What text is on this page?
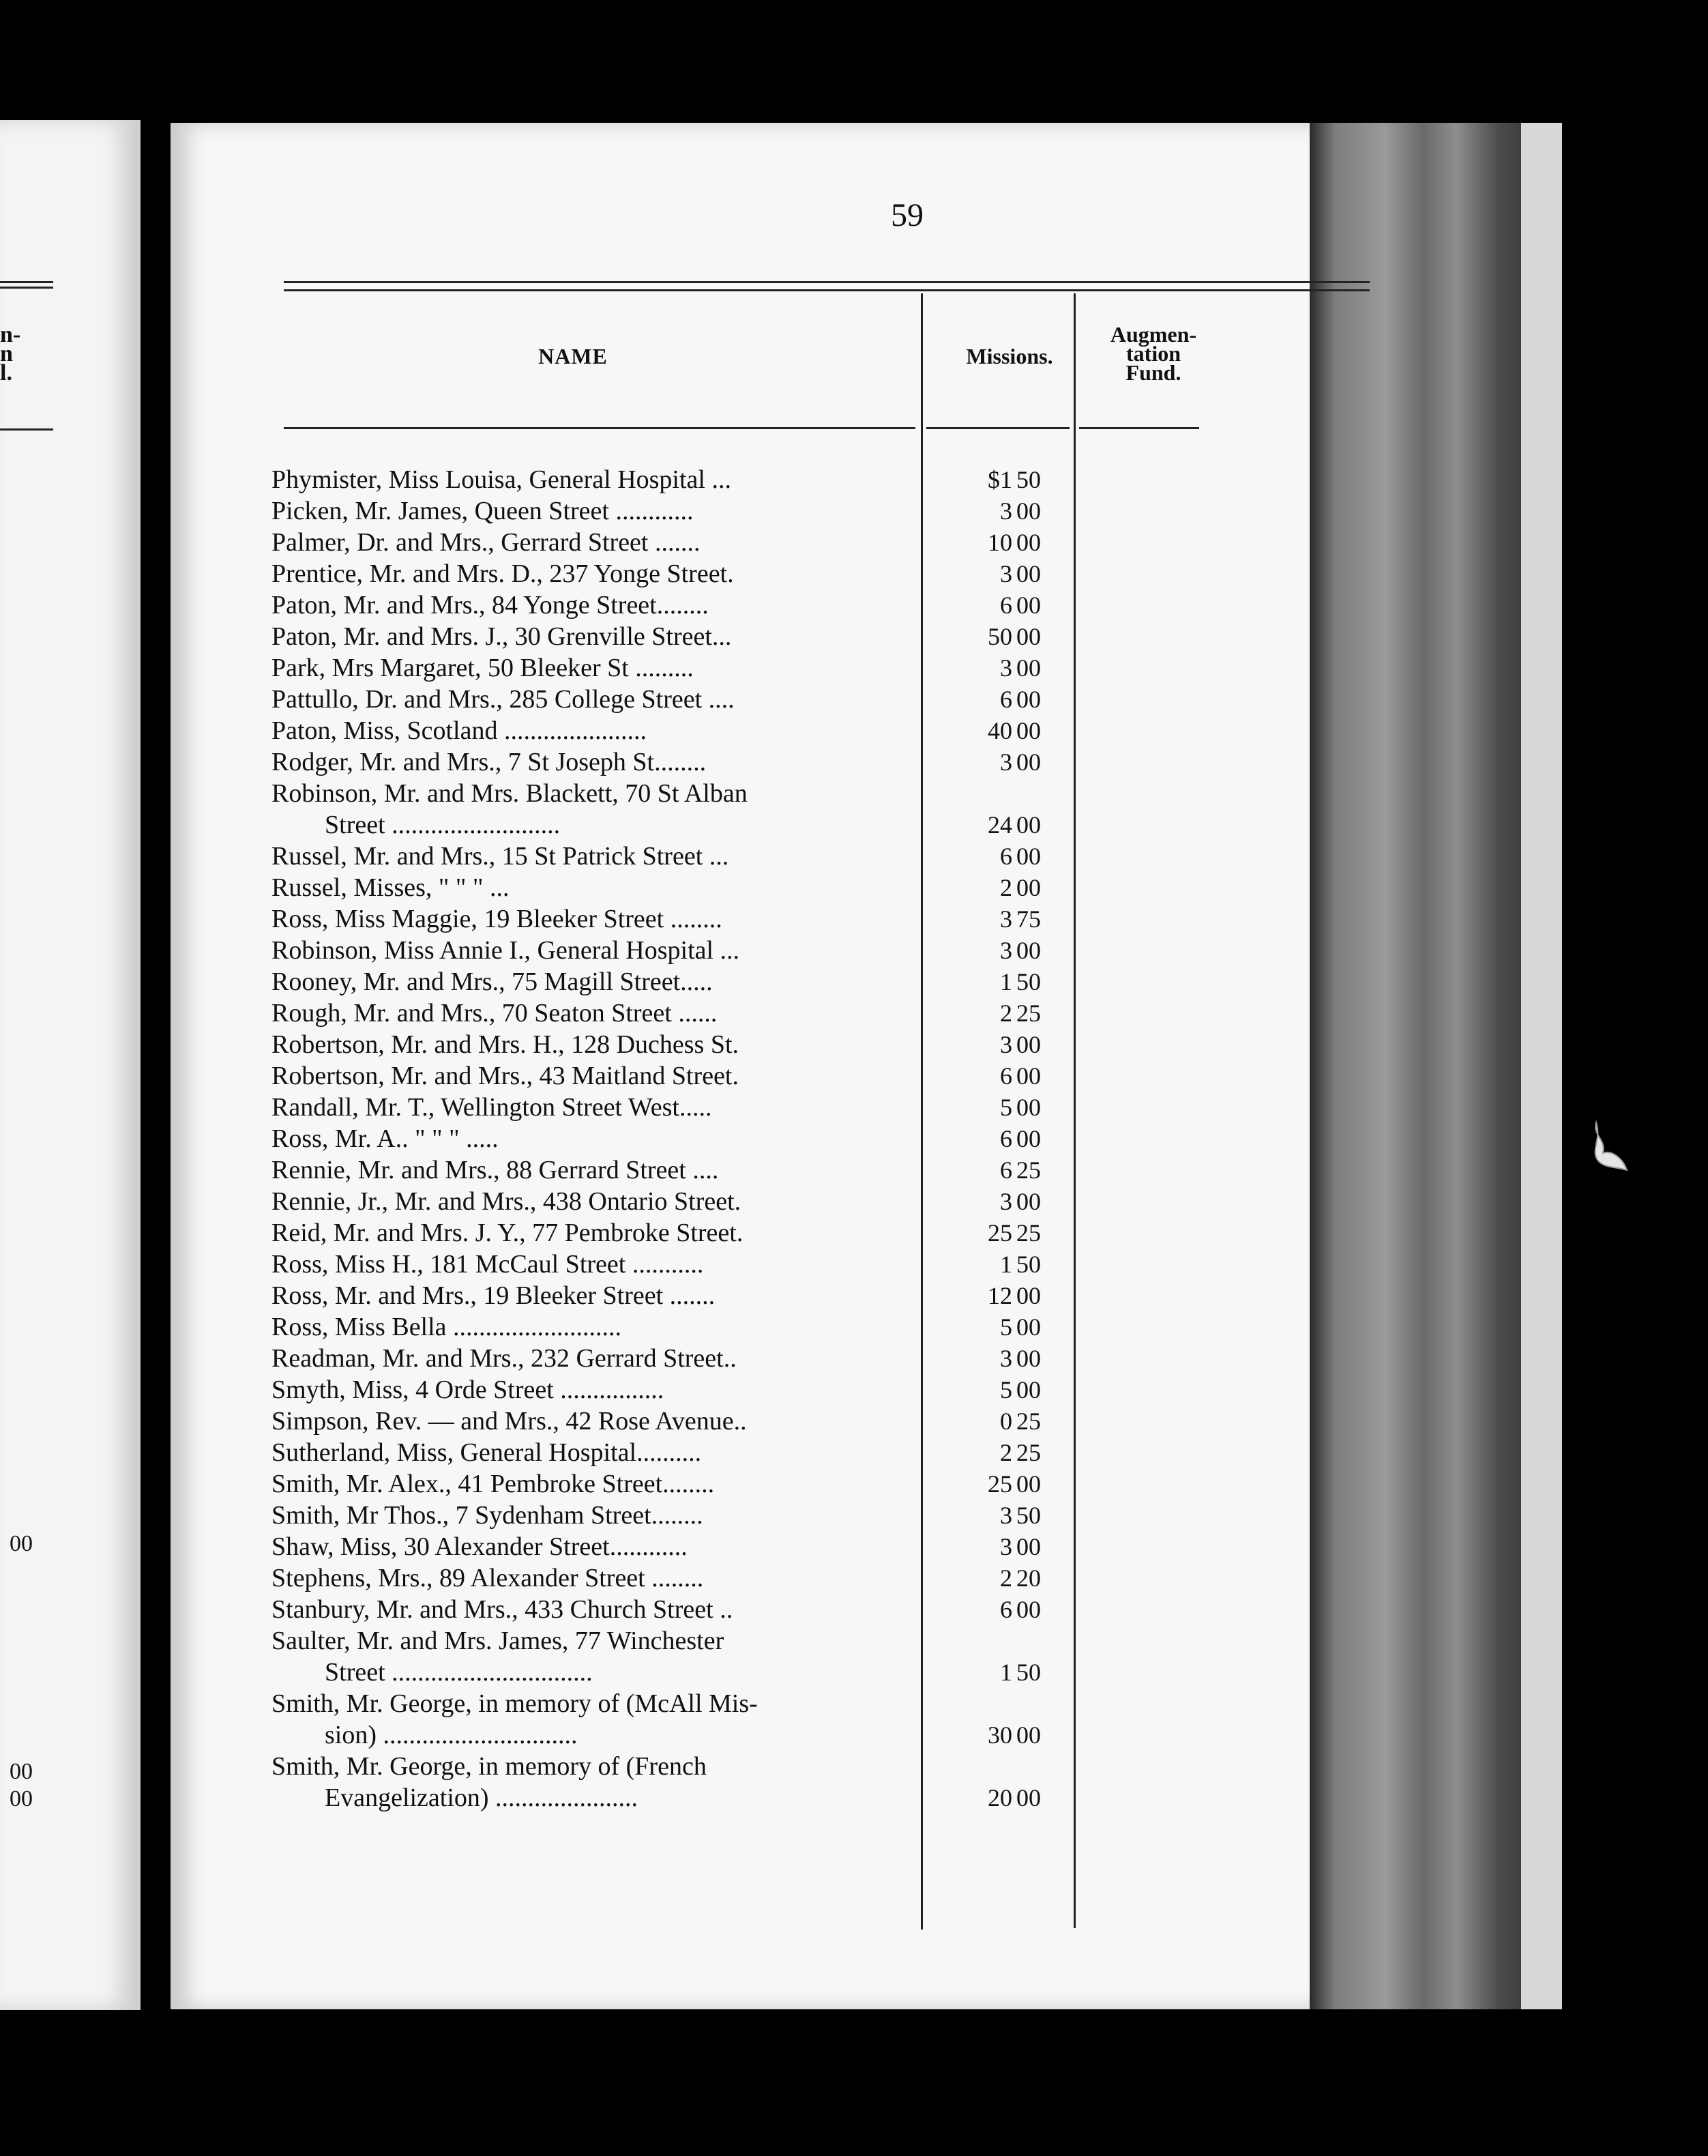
n-
n
l.
00
00
00
59
NAME	Missions.
Augmen-
tation
Fund.
Phymister, Miss Louisa, General Hospital ...	$1 50
Picken, Mr. James, Queen Street ............	3 00
Palmer, Dr. and Mrs., Gerrard Street .......	10 00
Prentice, Mr. and Mrs. D., 237 Yonge Street.	3 00
Paton, Mr. and Mrs., 84 Yonge Street........	6 00
Paton, Mr. and Mrs. J., 30 Grenville Street...	50 00
Park, Mrs Margaret, 50 Bleeker St .........	3 00
Pattullo, Dr. and Mrs., 285 College Street ....	6 00
Paton, Miss, Scotland ......................	40 00
Rodger, Mr. and Mrs., 7 St Joseph St........	3 00
Robinson, Mr. and Mrs. Blackett, 70 St Alban
Street ..........................	24 00
Russel, Mr. and Mrs., 15 St Patrick Street ...	6 00
Russel, Misses, " " " ...	2 00
Ross, Miss Maggie, 19 Bleeker Street ........	3 75
Robinson, Miss Annie I., General Hospital ...	3 00
Rooney, Mr. and Mrs., 75 Magill Street.....	1 50
Rough, Mr. and Mrs., 70 Seaton Street ......	2 25
Robertson, Mr. and Mrs. H., 128 Duchess St.	3 00
Robertson, Mr. and Mrs., 43 Maitland Street.	6 00
Randall, Mr. T., Wellington Street West.....	5 00
Ross, Mr. A.. " " " .....	6 00
Rennie, Mr. and Mrs., 88 Gerrard Street ....	6 25
Rennie, Jr., Mr. and Mrs., 438 Ontario Street.	3 00
Reid, Mr. and Mrs. J. Y., 77 Pembroke Street.	25 25
Ross, Miss H., 181 McCaul Street ...........	1 50
Ross, Mr. and Mrs., 19 Bleeker Street .......	12 00
Ross, Miss Bella ..........................	5 00
Readman, Mr. and Mrs., 232 Gerrard Street..	3 00
Smyth, Miss, 4 Orde Street ................	5 00
Simpson, Rev. — and Mrs., 42 Rose Avenue..	0 25
Sutherland, Miss, General Hospital..........	2 25
Smith, Mr. Alex., 41 Pembroke Street........	25 00
Smith, Mr Thos., 7 Sydenham Street........	3 50
Shaw, Miss, 30 Alexander Street............	3 00
Stephens, Mrs., 89 Alexander Street ........	2 20
Stanbury, Mr. and Mrs., 433 Church Street ..	6 00
Saulter, Mr. and Mrs. James, 77 Winchester
Street ...............................	1 50
Smith, Mr. George, in memory of (McAll Mis-
sion) ..............................	30 00
Smith, Mr. George, in memory of (French
Evangelization) ......................	20 00
